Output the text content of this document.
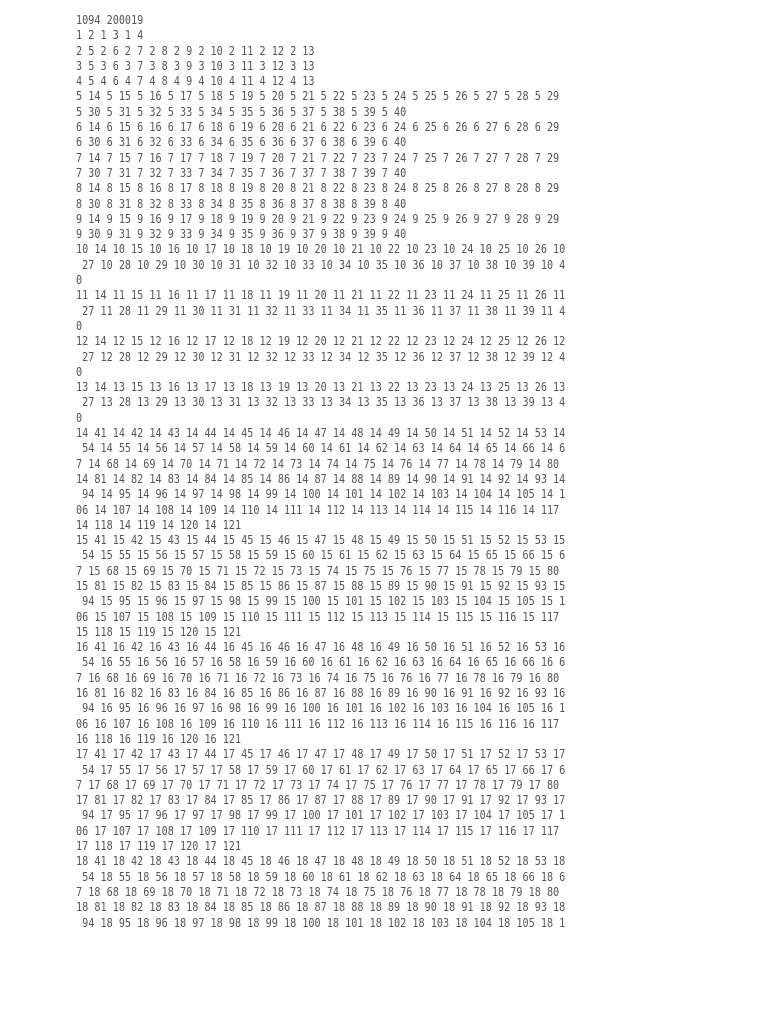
1094 200019
1 2 1 3 1 4
2 5 2 6 2 7 2 8 2 9 2 10 2 11 2 12 2 13
3 5 3 6 3 7 3 8 3 9 3 10 3 11 3 12 3 13
4 5 4 6 4 7 4 8 4 9 4 10 4 11 4 12 4 13
5 14 5 15 5 16 5 17 5 18 5 19 5 20 5 21 5 22 5 23 5 24 5 25 5 26 5 27 5 28 5 29
5 30 5 31 5 32 5 33 5 34 5 35 5 36 5 37 5 38 5 39 5 40
6 14 6 15 6 16 6 17 6 18 6 19 6 20 6 21 6 22 6 23 6 24 6 25 6 26 6 27 6 28 6 29
6 30 6 31 6 32 6 33 6 34 6 35 6 36 6 37 6 38 6 39 6 40
7 14 7 15 7 16 7 17 7 18 7 19 7 20 7 21 7 22 7 23 7 24 7 25 7 26 7 27 7 28 7 29
7 30 7 31 7 32 7 33 7 34 7 35 7 36 7 37 7 38 7 39 7 40
8 14 8 15 8 16 8 17 8 18 8 19 8 20 8 21 8 22 8 23 8 24 8 25 8 26 8 27 8 28 8 29
8 30 8 31 8 32 8 33 8 34 8 35 8 36 8 37 8 38 8 39 8 40
9 14 9 15 9 16 9 17 9 18 9 19 9 20 9 21 9 22 9 23 9 24 9 25 9 26 9 27 9 28 9 29
9 30 9 31 9 32 9 33 9 34 9 35 9 36 9 37 9 38 9 39 9 40
10 14 10 15 10 16 10 17 10 18 10 19 10 20 10 21 10 22 10 23 10 24 10 25 10 26 10
27 10 28 10 29 10 30 10 31 10 32 10 33 10 34 10 35 10 36 10 37 10 38 10 39 10 4
0
11 14 11 15 11 16 11 17 11 18 11 19 11 20 11 21 11 22 11 23 11 24 11 25 11 26 11
27 11 28 11 29 11 30 11 31 11 32 11 33 11 34 11 35 11 36 11 37 11 38 11 39 11 4
0
12 14 12 15 12 16 12 17 12 18 12 19 12 20 12 21 12 22 12 23 12 24 12 25 12 26 12
27 12 28 12 29 12 30 12 31 12 32 12 33 12 34 12 35 12 36 12 37 12 38 12 39 12 4
0
13 14 13 15 13 16 13 17 13 18 13 19 13 20 13 21 13 22 13 23 13 24 13 25 13 26 13
27 13 28 13 29 13 30 13 31 13 32 13 33 13 34 13 35 13 36 13 37 13 38 13 39 13 4
0
14 41 14 42 14 43 14 44 14 45 14 46 14 47 14 48 14 49 14 50 14 51 14 52 14 53 14
54 14 55 14 56 14 57 14 58 14 59 14 60 14 61 14 62 14 63 14 64 14 65 14 66 14 6
7 14 68 14 69 14 70 14 71 14 72 14 73 14 74 14 75 14 76 14 77 14 78 14 79 14 80
14 81 14 82 14 83 14 84 14 85 14 86 14 87 14 88 14 89 14 90 14 91 14 92 14 93 14
94 14 95 14 96 14 97 14 98 14 99 14 100 14 101 14 102 14 103 14 104 14 105 14 1
06 14 107 14 108 14 109 14 110 14 111 14 112 14 113 14 114 14 115 14 116 14 117
14 118 14 119 14 120 14 121
15 41 15 42 15 43 15 44 15 45 15 46 15 47 15 48 15 49 15 50 15 51 15 52 15 53 15
54 15 55 15 56 15 57 15 58 15 59 15 60 15 61 15 62 15 63 15 64 15 65 15 66 15 6
7 15 68 15 69 15 70 15 71 15 72 15 73 15 74 15 75 15 76 15 77 15 78 15 79 15 80
15 81 15 82 15 83 15 84 15 85 15 86 15 87 15 88 15 89 15 90 15 91 15 92 15 93 15
94 15 95 15 96 15 97 15 98 15 99 15 100 15 101 15 102 15 103 15 104 15 105 15 1
06 15 107 15 108 15 109 15 110 15 111 15 112 15 113 15 114 15 115 15 116 15 117
15 118 15 119 15 120 15 121
16 41 16 42 16 43 16 44 16 45 16 46 16 47 16 48 16 49 16 50 16 51 16 52 16 53 16
54 16 55 16 56 16 57 16 58 16 59 16 60 16 61 16 62 16 63 16 64 16 65 16 66 16 6
7 16 68 16 69 16 70 16 71 16 72 16 73 16 74 16 75 16 76 16 77 16 78 16 79 16 80
16 81 16 82 16 83 16 84 16 85 16 86 16 87 16 88 16 89 16 90 16 91 16 92 16 93 16
94 16 95 16 96 16 97 16 98 16 99 16 100 16 101 16 102 16 103 16 104 16 105 16 1
06 16 107 16 108 16 109 16 110 16 111 16 112 16 113 16 114 16 115 16 116 16 117
16 118 16 119 16 120 16 121
17 41 17 42 17 43 17 44 17 45 17 46 17 47 17 48 17 49 17 50 17 51 17 52 17 53 17
54 17 55 17 56 17 57 17 58 17 59 17 60 17 61 17 62 17 63 17 64 17 65 17 66 17 6
7 17 68 17 69 17 70 17 71 17 72 17 73 17 74 17 75 17 76 17 77 17 78 17 79 17 80
17 81 17 82 17 83 17 84 17 85 17 86 17 87 17 88 17 89 17 90 17 91 17 92 17 93 17
94 17 95 17 96 17 97 17 98 17 99 17 100 17 101 17 102 17 103 17 104 17 105 17 1
06 17 107 17 108 17 109 17 110 17 111 17 112 17 113 17 114 17 115 17 116 17 117
17 118 17 119 17 120 17 121
18 41 18 42 18 43 18 44 18 45 18 46 18 47 18 48 18 49 18 50 18 51 18 52 18 53 18
54 18 55 18 56 18 57 18 58 18 59 18 60 18 61 18 62 18 63 18 64 18 65 18 66 18 6
7 18 68 18 69 18 70 18 71 18 72 18 73 18 74 18 75 18 76 18 77 18 78 18 79 18 80
18 81 18 82 18 83 18 84 18 85 18 86 18 87 18 88 18 89 18 90 18 91 18 92 18 93 18
94 18 95 18 96 18 97 18 98 18 99 18 100 18 101 18 102 18 103 18 104 18 105 18 1
